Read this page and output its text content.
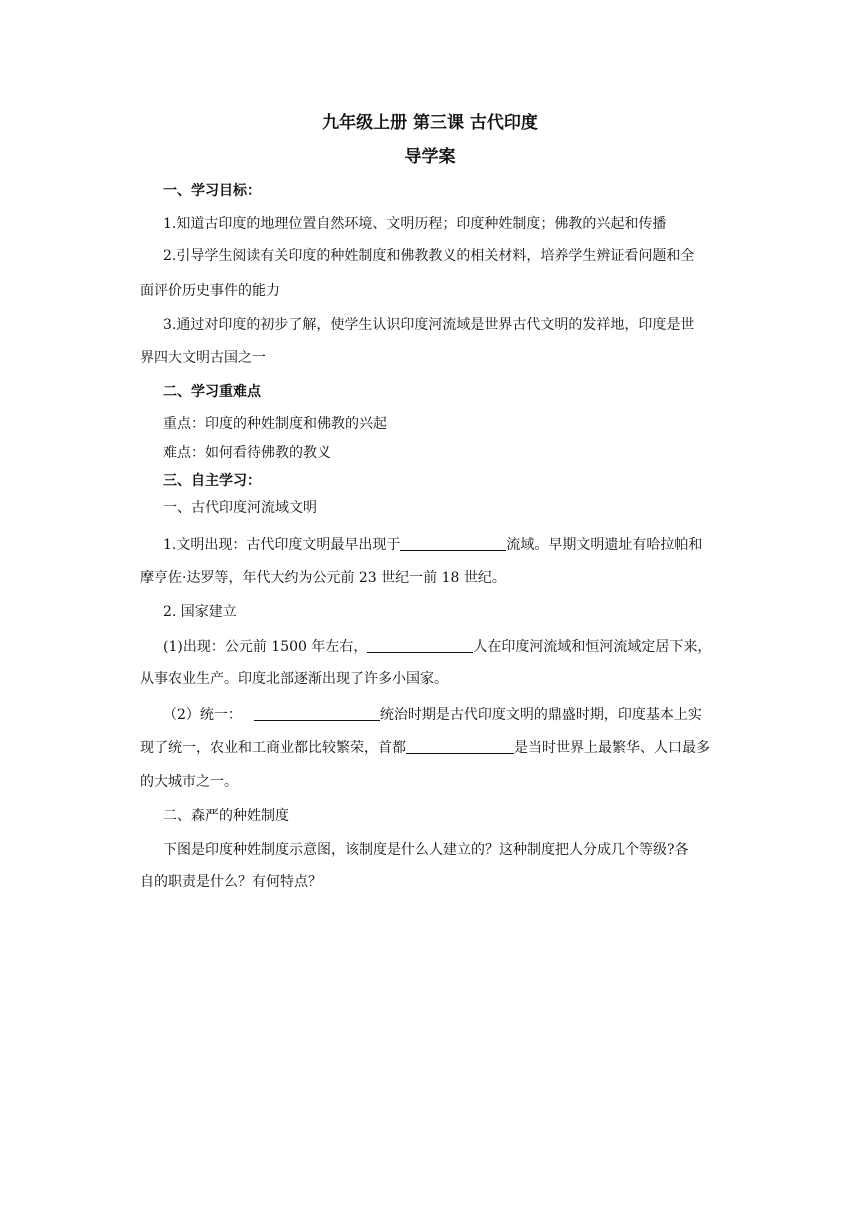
九年级上册 第三课 古代印度
导学案
一、学习目标：
1.知道古印度的地理位置自然环境、文明历程；印度种姓制度；佛教的兴起和传播
2.引导学生阅读有关印度的种姓制度和佛教教义的相关材料，培养学生辨证看问题和全
面评价历史事件的能力
3.通过对印度的初步了解，使学生认识印度河流域是世界古代文明的发祥地，印度是世
界四大文明古国之一
二、学习重难点
重点：印度的种姓制度和佛教的兴起
难点：如何看待佛教的教义
三、自主学习：
一、古代印度河流域文明
1.文明出现：古代印度文明最早出现于	流域。早期文明遗址有哈拉帕和
摩亨佐·达罗等，年代大约为公元前 23 世纪一前 18 世纪。
2. 国家建立
(1)出现：公元前 1500 年左右，	人在印度河流域和恒河流域定居下来，
从事农业生产。印度北部逐渐出现了许多小国家。
（2）统一：	统治时期是古代印度文明的鼎盛时期，印度基本上实
现了统一，农业和工商业都比较繁荣，首都	是当时世界上最繁华、人口最多
的大城市之一。
二、森严的种姓制度
下图是印度种姓制度示意图，该制度是什么人建立的？这种制度把人分成几个等级?各
自的职责是什么？有何特点？
